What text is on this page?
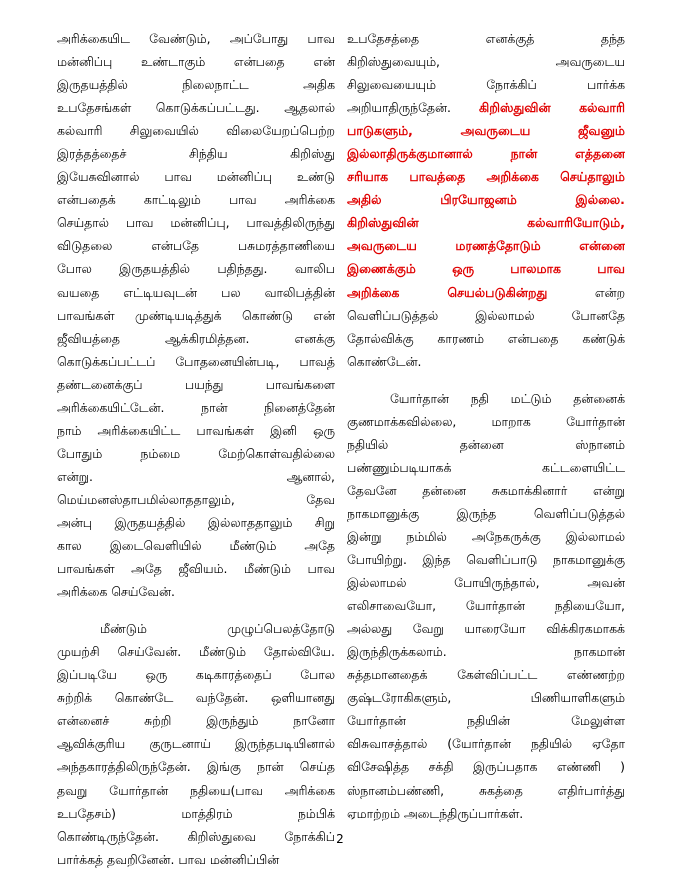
அரிக்கையிட வேண்டும், அப்போது பாவ
மன்னிப்பு உண்டாகும் என்பதை என்
இருதயத்தில் நிலைநாட்ட அதிக
உபதேசங்கள் கொடுக்கப்பட்டது. ஆதலால்
கல்வாரி சிலுவையில் விலையேறப்பெற்ற
இரத்தத்தைச் சிந்திய கிறிஸ்து
இயேசுவினால் பாவ மன்னிப்பு உண்டு
என்பதைக் காட்டிலும் பாவ அரிக்கை
செய்தால் பாவ மன்னிப்பு, பாவத்திலிருந்து
விடுதலை என்பதே பசுமரத்தாணியை
போல இருதயத்தில் பதிந்தது. வாலிப
வயதை எட்டியவுடன் பல வாலிபத்தின்
பாவங்கள் முண்டியடித்துக் கொண்டு என்
ஜீவியத்தை ஆக்கிரமித்தன. எனக்கு
கொடுக்கப்பட்டப் போதனையின்படி, பாவத்
தண்டனைக்குப் பயந்து பாவங்களை
அரிக்கையிட்டேன். நான் நினைத்தேன்
நாம் அரிக்கையிட்ட பாவங்கள் இனி ஒரு
போதும் நம்மை மேற்கொள்வதில்லை
என்று. ஆனால்,
மெய்மனஸ்தாபமில்லாததாலும், தேவ
அன்பு இருதயத்தில் இல்லாததாலும் சிறு
கால இடைவெளியில் மீண்டும் அதே
பாவங்கள் அதே ஜீவியம். மீண்டும் பாவ
அரிக்கை செய்வேன்.
மீண்டும் முழுப்பெலத்தோடு
முயற்சி செய்வேன். மீண்டும் தோல்வியே.
இப்படியே ஒரு கடிகாரத்தைப் போல
சுற்றிக் கொண்டே வந்தேன். ஒளியானது
என்னைச் சுற்றி இருந்தும் நானோ
ஆவிக்குரிய குருடனாய் இருந்தபடியினால்
அந்தகாரத்திலிருந்தேன். இங்கு நான் செய்த
தவறு யோர்தான் நதியை(பாவ அரிக்கை
உபதேசம்) மாத்திரம் நம்பிக்
கொண்டிருந்தேன். கிறிஸ்துவை நோக்கிப்
பார்க்கத் தவறினேன். பாவ மன்னிப்பின்
உபதேசத்தை எனக்குத் தந்த
கிறிஸ்துவையும், அவருடைய
சிலுவையையும் நோக்கிப் பார்க்க
அறியாதிருந்தேன். கிறிஸ்துவின் கல்வாரி
பாடுகளும், அவருடைய ஜீவனும்
இல்லாதிருக்குமானால் நான் எத்தனை
சரியாக பாவத்தை அறிக்கை செய்தாலும்
அதில் பிரயோஜனம் இல்லை.
கிறிஸ்துவின் கல்வாரியோடும்,
அவருடைய மரணத்தோடும் என்னை
இணைக்கும் ஒரு பாலமாக பாவ
அறிக்கை செயல்படுகின்றது என்ற
வெளிப்படுத்தல் இல்லாமல் போனதே
தோல்விக்கு காரணம் என்பதை கண்டுக்
கொண்டேன்.
யோர்தான் நதி மட்டும் தன்னைக்
குணமாக்கவில்லை, மாறாக யோர்தான்
நதியில் தன்னை ஸ்நானம்
பண்ணும்படியாகக் கட்டளையிட்ட
தேவனே தன்னை சுகமாக்கினார் என்று
நாகமானுக்கு இருந்த வெளிப்படுத்தல்
இன்று நம்மில் அநேகருக்கு இல்லாமல்
போயிற்று. இந்த வெளிப்பாடு நாகமானுக்கு
இல்லாமல் போயிருந்தால், அவன்
எலிசாவையோ, யோர்தான் நதியையோ,
அல்லது வேறு யாரையோ விக்கிரகமாகக்
இருந்திருக்கலாம். நாகமான்
சுத்தமானதைக் கேள்விப்பட்ட எண்ணற்ற
குஷ்டரோகிகளும், பிணியாளிகளும்
யோர்தான் நதியின் மேலுள்ள
விசுவாசத்தால் (யோர்தான் நதியில் ஏதோ
விசேஷித்த சக்தி இருப்பதாக எண்ணி )
ஸ்நானம்பண்ணி, சுகத்தை எதிர்பார்த்து
ஏமாற்றம் அடைந்திருப்பார்கள்.
2
